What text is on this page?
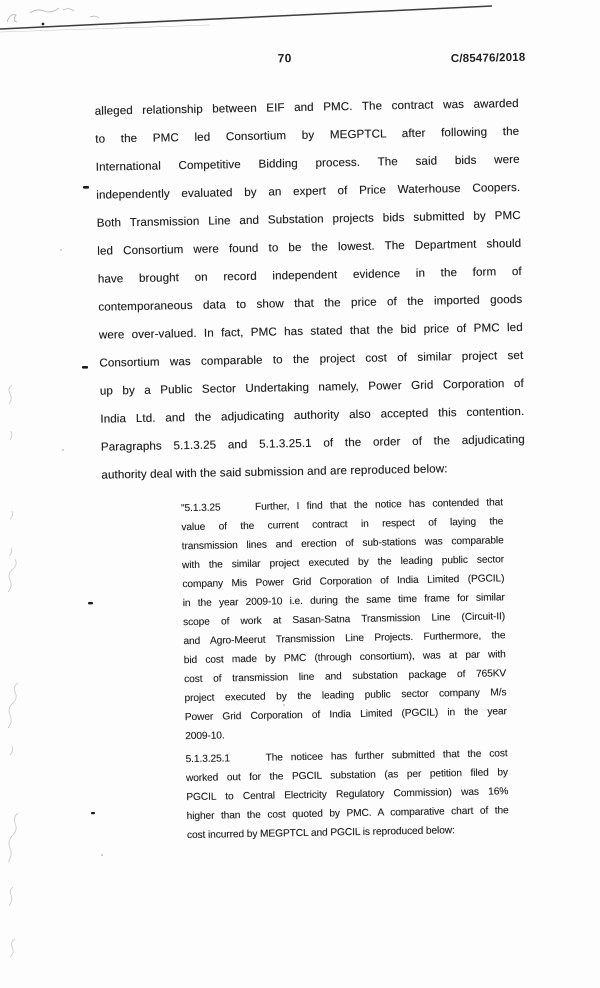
70	C/85476/2018
alleged relationship between EIF and PMC. The contract was awarded
to the PMC led Consortium by MEGPTCL after following the
International Competitive Bidding process. The said bids were
independently evaluated by an expert of Price Waterhouse Coopers.
Both Transmission Line and Substation projects bids submitted by PMC
led Consortium were found to be the lowest. The Department should
have brought on record independent evidence in the form of
contemporaneous data to show that the price of the imported goods
were over-valued. In fact, PMC has stated that the bid price of PMC led
Consortium was comparable to the project cost of similar project set
up by a Public Sector Undertaking namely, Power Grid Corporation of
India Ltd. and the adjudicating authority also accepted this contention.
Paragraphs 5.1.3.25 and 5.1.3.25.1 of the order of the adjudicating
authority deal with the said submission and are reproduced below:
"5.1.3.25	Further, I find that the notice has contended that
value of the current contract in respect of laying the
transmission lines and erection of sub-stations was comparable
with the similar project executed by the leading public sector
company Mis Power Grid Corporation of India Limited (PGCIL)
in the year 2009-10 i.e. during the same time frame for similar
scope of work at Sasan-Satna Transmission Line (Circuit-II)
and Agro-Meerut Transmission Line Projects. Furthermore, the
bid cost made by PMC (through consortium), was at par with
cost of transmission line and substation package of 765KV
project executed by the leading public sector company M/s
Power Grid Corporation of India Limited (PGCIL) in the year
2009-10.
5.1.3.25.1	The noticee has further submitted that the cost
worked out for the PGCIL substation (as per petition filed by
PGCIL to Central Electricity Regulatory Commission) was 16%
higher than the cost quoted by PMC. A comparative chart of the
cost incurred by MEGPTCL and PGCIL is reproduced below:
